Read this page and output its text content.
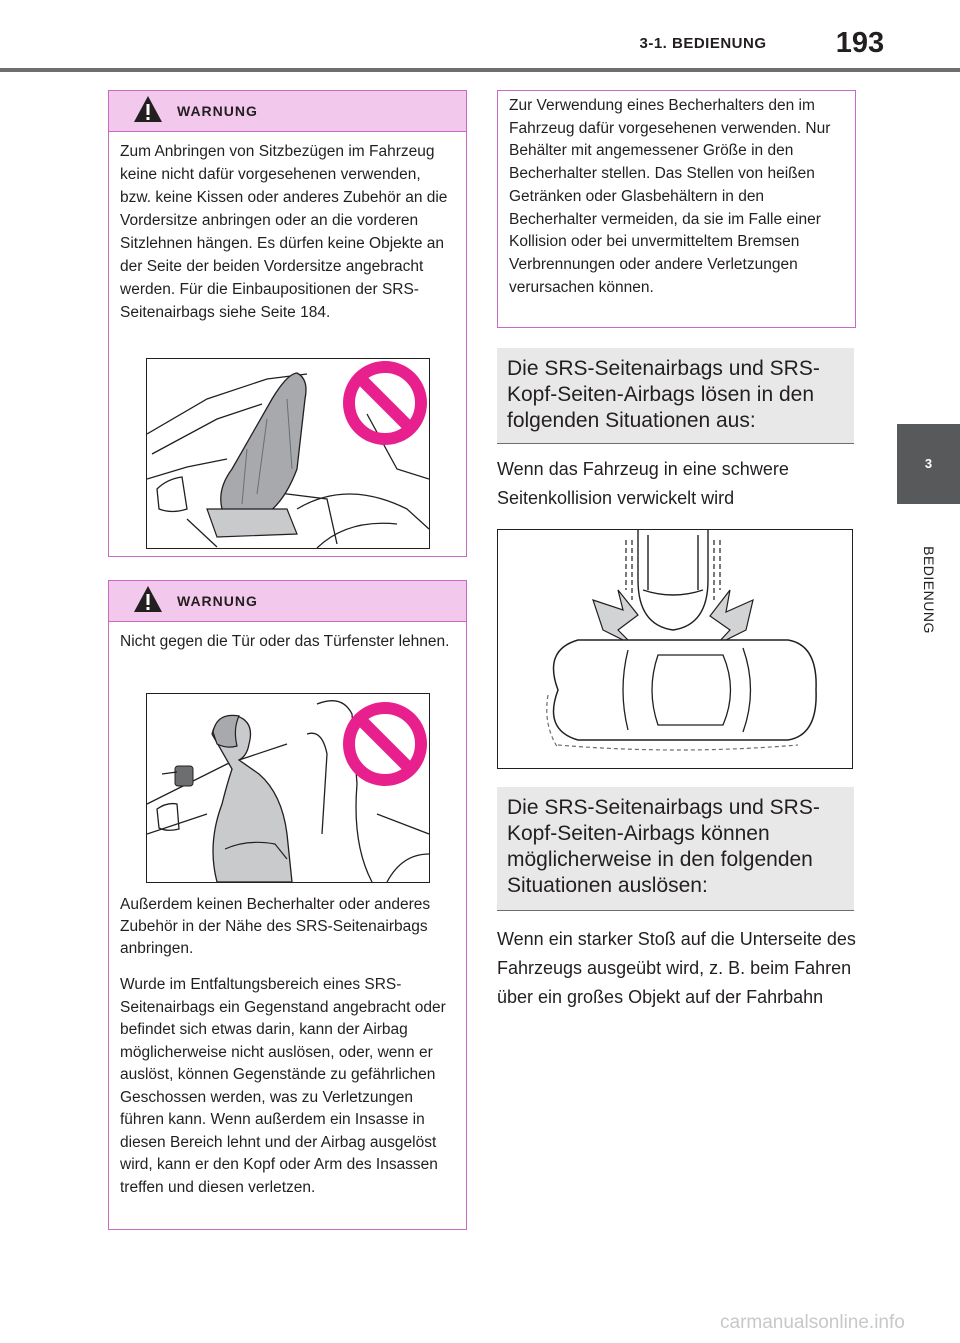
3-1. BEDIENUNG	193
3
BEDIENUNG
WARNUNG

Zum Anbringen von Sitzbezügen im Fahrzeug keine nicht dafür vorgesehenen verwenden, bzw. keine Kissen oder anderes Zubehör an die Vordersitze anbringen oder an die vorderen Sitzlehnen hängen. Es dürfen keine Objekte an der Seite der beiden Vordersitze angebracht werden. Für die Einbaupositionen der SRS-Seitenairbags siehe Seite 184.

WARNUNG

Nicht gegen die Tür oder das Türfenster lehnen.

Außerdem keinen Becherhalter oder anderes Zubehör in der Nähe des SRS-Seitenairbags anbringen.

Wurde im Entfaltungsbereich eines SRS-Seitenairbags ein Gegenstand angebracht oder befindet sich etwas darin, kann der Airbag möglicherweise nicht auslösen, oder, wenn er auslöst, können Gegenstände zu gefährlichen Geschossen werden, was zu Verletzungen führen kann. Wenn außerdem ein Insasse in diesen Bereich lehnt und der Airbag ausgelöst wird, kann er den Kopf oder Arm des Insassen treffen und diesen verletzen.

Zur Verwendung eines Becherhalters den im Fahrzeug dafür vorgesehenen verwenden. Nur Behälter mit angemessener Größe in den Becherhalter stellen. Das Stellen von heißen Getränken oder Glasbehältern in den Becherhalter vermeiden, da sie im Falle einer Kollision oder bei unvermitteltem Bremsen Verbrennungen oder andere Verletzungen verursachen können.

Die SRS-Seitenairbags und SRS-Kopf-Seiten-Airbags lösen in den folgenden Situationen aus:

Wenn das Fahrzeug in eine schwere Seitenkollision verwickelt wird

Die SRS-Seitenairbags und SRS-Kopf-Seiten-Airbags können möglicherweise in den folgenden Situationen auslösen:

Wenn ein starker Stoß auf die Unterseite des Fahrzeugs ausgeübt wird, z. B. beim Fahren über ein großes Objekt auf der Fahrbahn

carmanualsonline.info
